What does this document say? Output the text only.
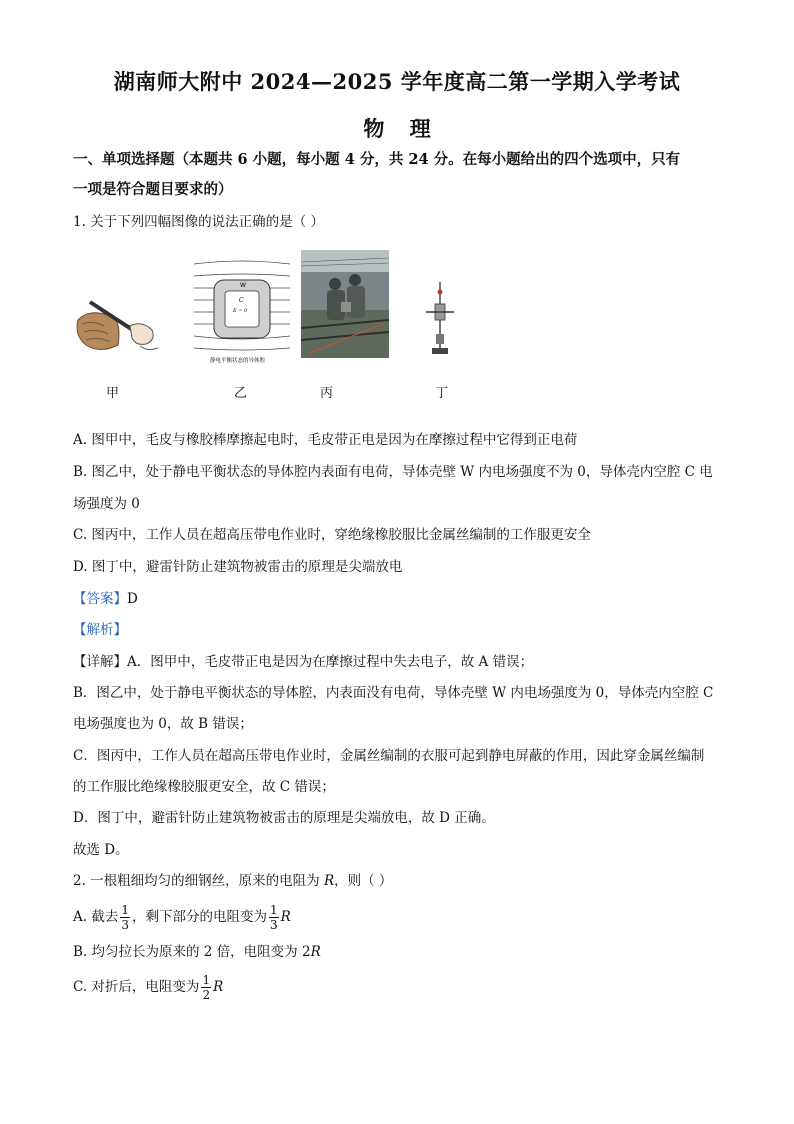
湖南师大附中 2024—2025 学年度高二第一学期入学考试
物 理
一、单项选择题（本题共 6 小题，每小题 4 分，共 24 分。在每小题给出的四个选项中，只有
一项是符合题目要求的）
1. 关于下列四幅图像的说法正确的是（ ）
W
C
E = 0
静电平衡状态的导体腔
甲	乙	丙	丁
A. 图甲中，毛皮与橡胶棒摩擦起电时，毛皮带正电是因为在摩擦过程中它得到正电荷
B. 图乙中，处于静电平衡状态的导体腔内表面有电荷，导体壳壁 W 内电场强度不为 0，导体壳内空腔 C 电
场强度为 0
C. 图丙中，工作人员在超高压带电作业时，穿绝缘橡胶服比金属丝编制的工作服更安全
D. 图丁中，避雷针防止建筑物被雷击的原理是尖端放电
【答案】D
【解析】
【详解】A．图甲中，毛皮带正电是因为在摩擦过程中失去电子，故 A 错误；
B．图乙中，处于静电平衡状态的导体腔，内表面没有电荷，导体壳壁 W 内电场强度为 0，导体壳内空腔 C
电场强度也为 0，故 B 错误；
C．图丙中，工作人员在超高压带电作业时，金属丝编制的衣服可起到静电屏蔽的作用，因此穿金属丝编制
的工作服比绝缘橡胶服更安全，故 C 错误；
D．图丁中，避雷针防止建筑物被雷击的原理是尖端放电，故 D 正确。
故选 D。
2. 一根粗细均匀的细钢丝，原来的电阻为 R，则（ ）
A. 截去 $\frac{1}{3}$ ，剩下部分的电阻变为 $\frac{1}{3}$ R
B. 均匀拉长为原来的 2 倍，电阻变为 2R
C. 对折后，电阻变为 $\frac{1}{2}$ R
